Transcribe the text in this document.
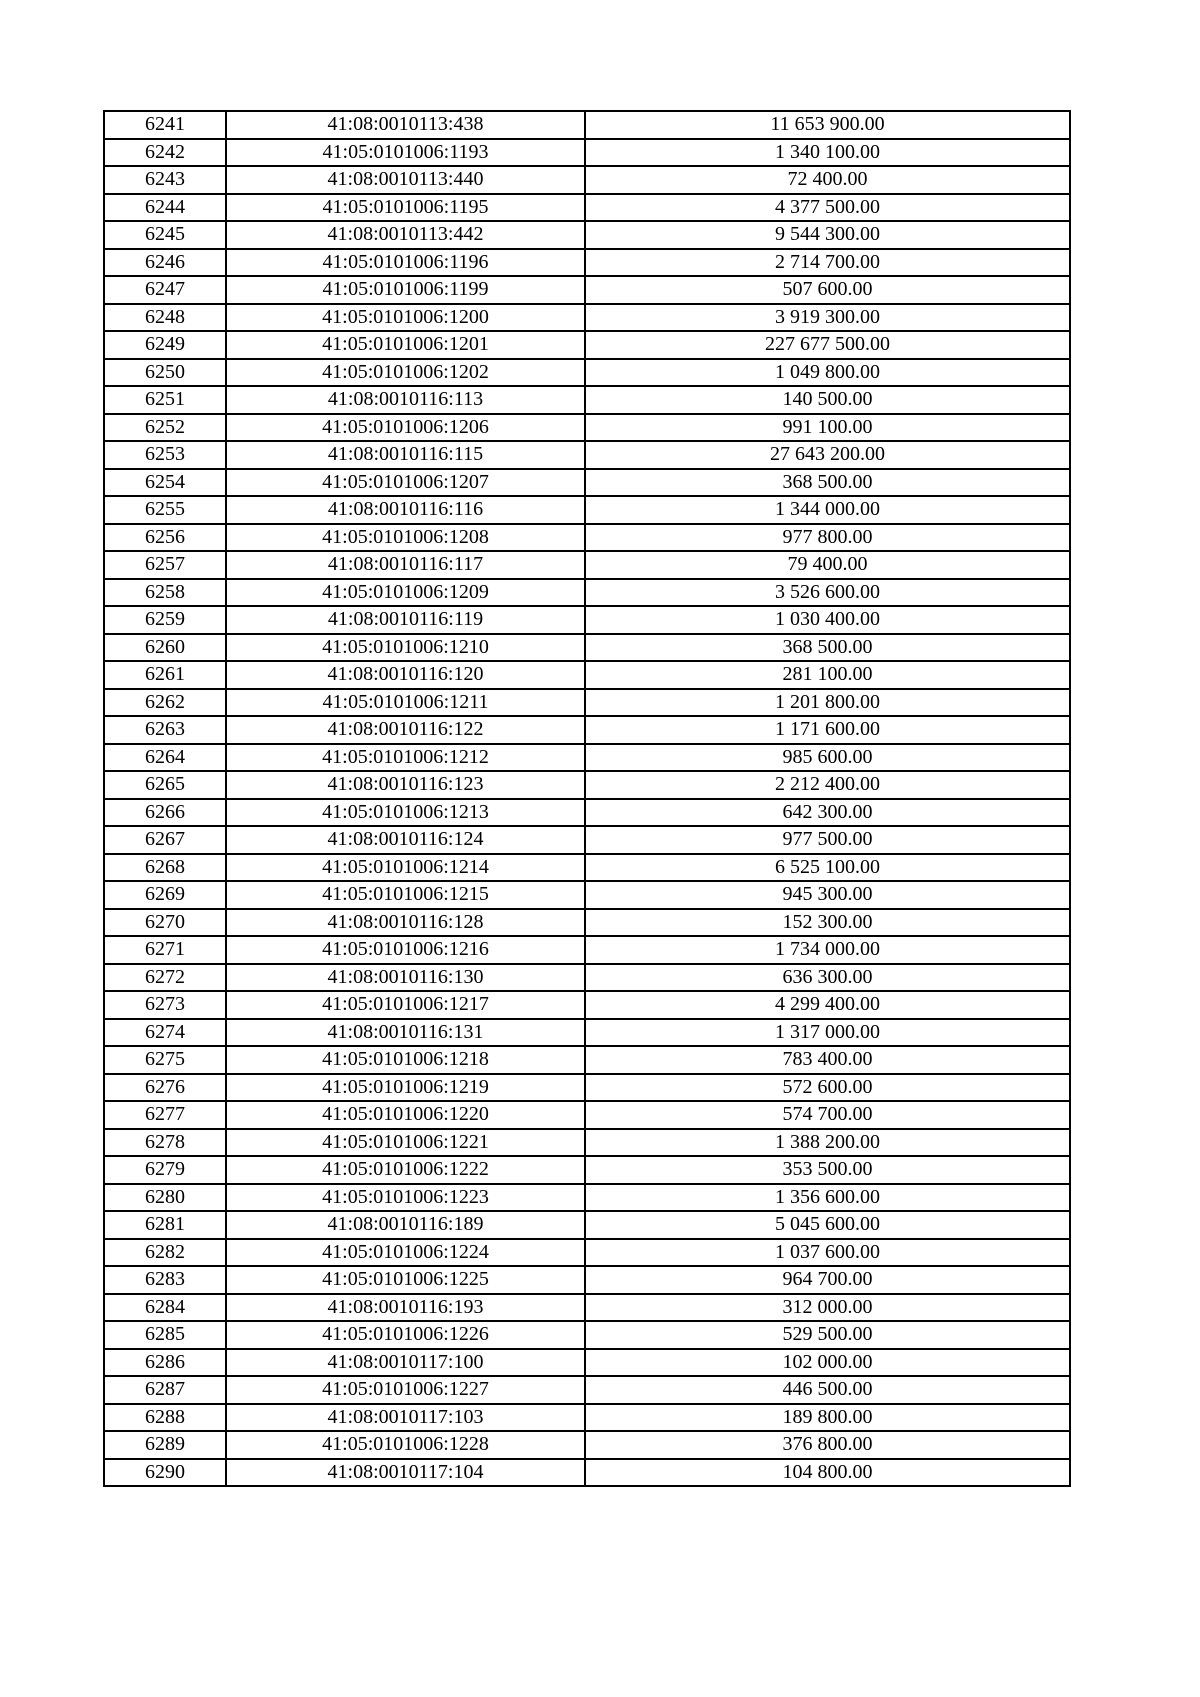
6241	41:08:0010113:438	11 653 900.00
6242	41:05:0101006:1193	1 340 100.00
6243	41:08:0010113:440	72 400.00
6244	41:05:0101006:1195	4 377 500.00
6245	41:08:0010113:442	9 544 300.00
6246	41:05:0101006:1196	2 714 700.00
6247	41:05:0101006:1199	507 600.00
6248	41:05:0101006:1200	3 919 300.00
6249	41:05:0101006:1201	227 677 500.00
6250	41:05:0101006:1202	1 049 800.00
6251	41:08:0010116:113	140 500.00
6252	41:05:0101006:1206	991 100.00
6253	41:08:0010116:115	27 643 200.00
6254	41:05:0101006:1207	368 500.00
6255	41:08:0010116:116	1 344 000.00
6256	41:05:0101006:1208	977 800.00
6257	41:08:0010116:117	79 400.00
6258	41:05:0101006:1209	3 526 600.00
6259	41:08:0010116:119	1 030 400.00
6260	41:05:0101006:1210	368 500.00
6261	41:08:0010116:120	281 100.00
6262	41:05:0101006:1211	1 201 800.00
6263	41:08:0010116:122	1 171 600.00
6264	41:05:0101006:1212	985 600.00
6265	41:08:0010116:123	2 212 400.00
6266	41:05:0101006:1213	642 300.00
6267	41:08:0010116:124	977 500.00
6268	41:05:0101006:1214	6 525 100.00
6269	41:05:0101006:1215	945 300.00
6270	41:08:0010116:128	152 300.00
6271	41:05:0101006:1216	1 734 000.00
6272	41:08:0010116:130	636 300.00
6273	41:05:0101006:1217	4 299 400.00
6274	41:08:0010116:131	1 317 000.00
6275	41:05:0101006:1218	783 400.00
6276	41:05:0101006:1219	572 600.00
6277	41:05:0101006:1220	574 700.00
6278	41:05:0101006:1221	1 388 200.00
6279	41:05:0101006:1222	353 500.00
6280	41:05:0101006:1223	1 356 600.00
6281	41:08:0010116:189	5 045 600.00
6282	41:05:0101006:1224	1 037 600.00
6283	41:05:0101006:1225	964 700.00
6284	41:08:0010116:193	312 000.00
6285	41:05:0101006:1226	529 500.00
6286	41:08:0010117:100	102 000.00
6287	41:05:0101006:1227	446 500.00
6288	41:08:0010117:103	189 800.00
6289	41:05:0101006:1228	376 800.00
6290	41:08:0010117:104	104 800.00
